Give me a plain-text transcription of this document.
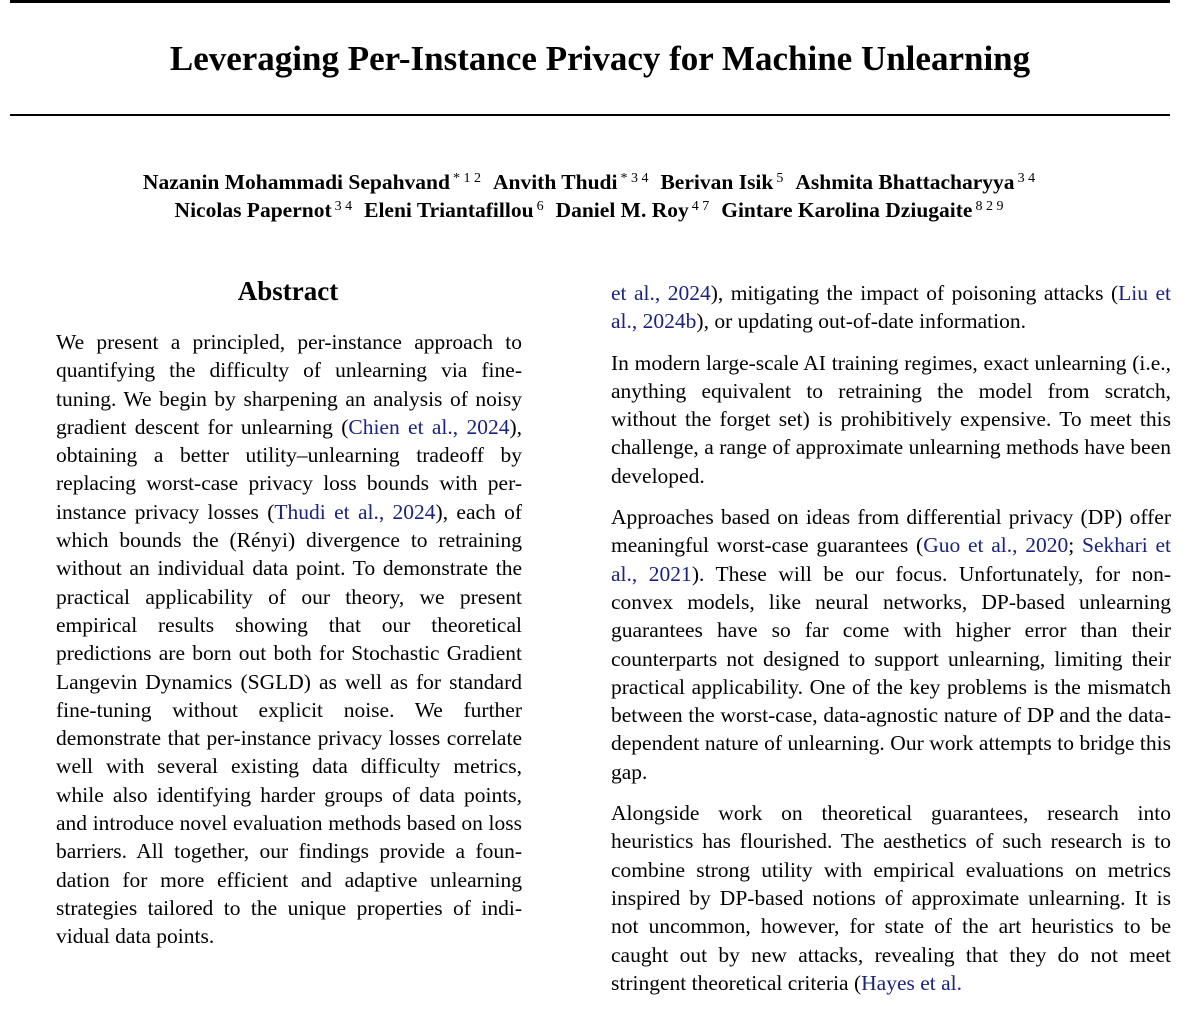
Leveraging Per-Instance Privacy for Machine Unlearning
Nazanin Mohammadi Sepahvand $^{* 1 2}$ Anvith Thudi $^{* 3 4}$ Berivan Isik $^5$ Ashmita Bhattacharyya $^{3 4}$
Nicolas Papernot $^{3 4}$ Eleni Triantafillou $^6$ Daniel M. Roy $^{4 7}$ Gintare Karolina Dziugaite $^{8 2 9}$
Abstract

We present a principled, per-instance approach to quantifying the difficulty of unlearning via finetuning. We begin by sharpening an analysis of noisy gradient descent for unlearning (Chien et al., 2024), obtaining a better utility–unlearning tradeoff by replacing worst-case privacy loss bounds with per-instance privacy losses (Thudi et al., 2024), each of which bounds the (Rényi) divergence to retraining without an individual data point. To demonstrate the practical applicability of our theory, we present empirical results showing that our theoretical predictions are born out both for Stochastic Gradient Langevin Dynamics (SGLD) as well as for standard fine-tuning without explicit noise. We further demonstrate that per-instance privacy losses correlate well with several existing data difficulty metrics, while also identifying harder groups of data points, and introduce novel evaluation methods based on loss barriers. All together, our findings provide a foundation for more efficient and adaptive unlearning strategies tailored to the unique properties of individual data points.

et al., 2024), mitigating the impact of poisoning attacks (Liu et al., 2024b), or updating out-of-date information.

In modern large-scale AI training regimes, exact unlearning (i.e., anything equivalent to retraining the model from scratch, without the forget set) is prohibitively expensive. To meet this challenge, a range of approximate unlearning methods have been developed.

Approaches based on ideas from differential privacy (DP) offer meaningful worst-case guarantees (Guo et al., 2020; Sekhari et al., 2021). These will be our focus. Unfortunately, for non-convex models, like neural networks, DP-based unlearning guarantees have so far come with higher error than their counterparts not designed to support unlearning, limiting their practical applicability. One of the key problems is the mismatch between the worst-case, data-agnostic nature of DP and the data-dependent nature of unlearning. Our work attempts to bridge this gap.

Alongside work on theoretical guarantees, research into heuristics has flourished. The aesthetics of such research is to combine strong utility with empirical evaluations on metrics inspired by DP-based notions of approximate unlearning. It is not uncommon, however, for state of the art heuristics to be caught out by new attacks, revealing that they do not meet stringent theoretical criteria (Hayes et al.
